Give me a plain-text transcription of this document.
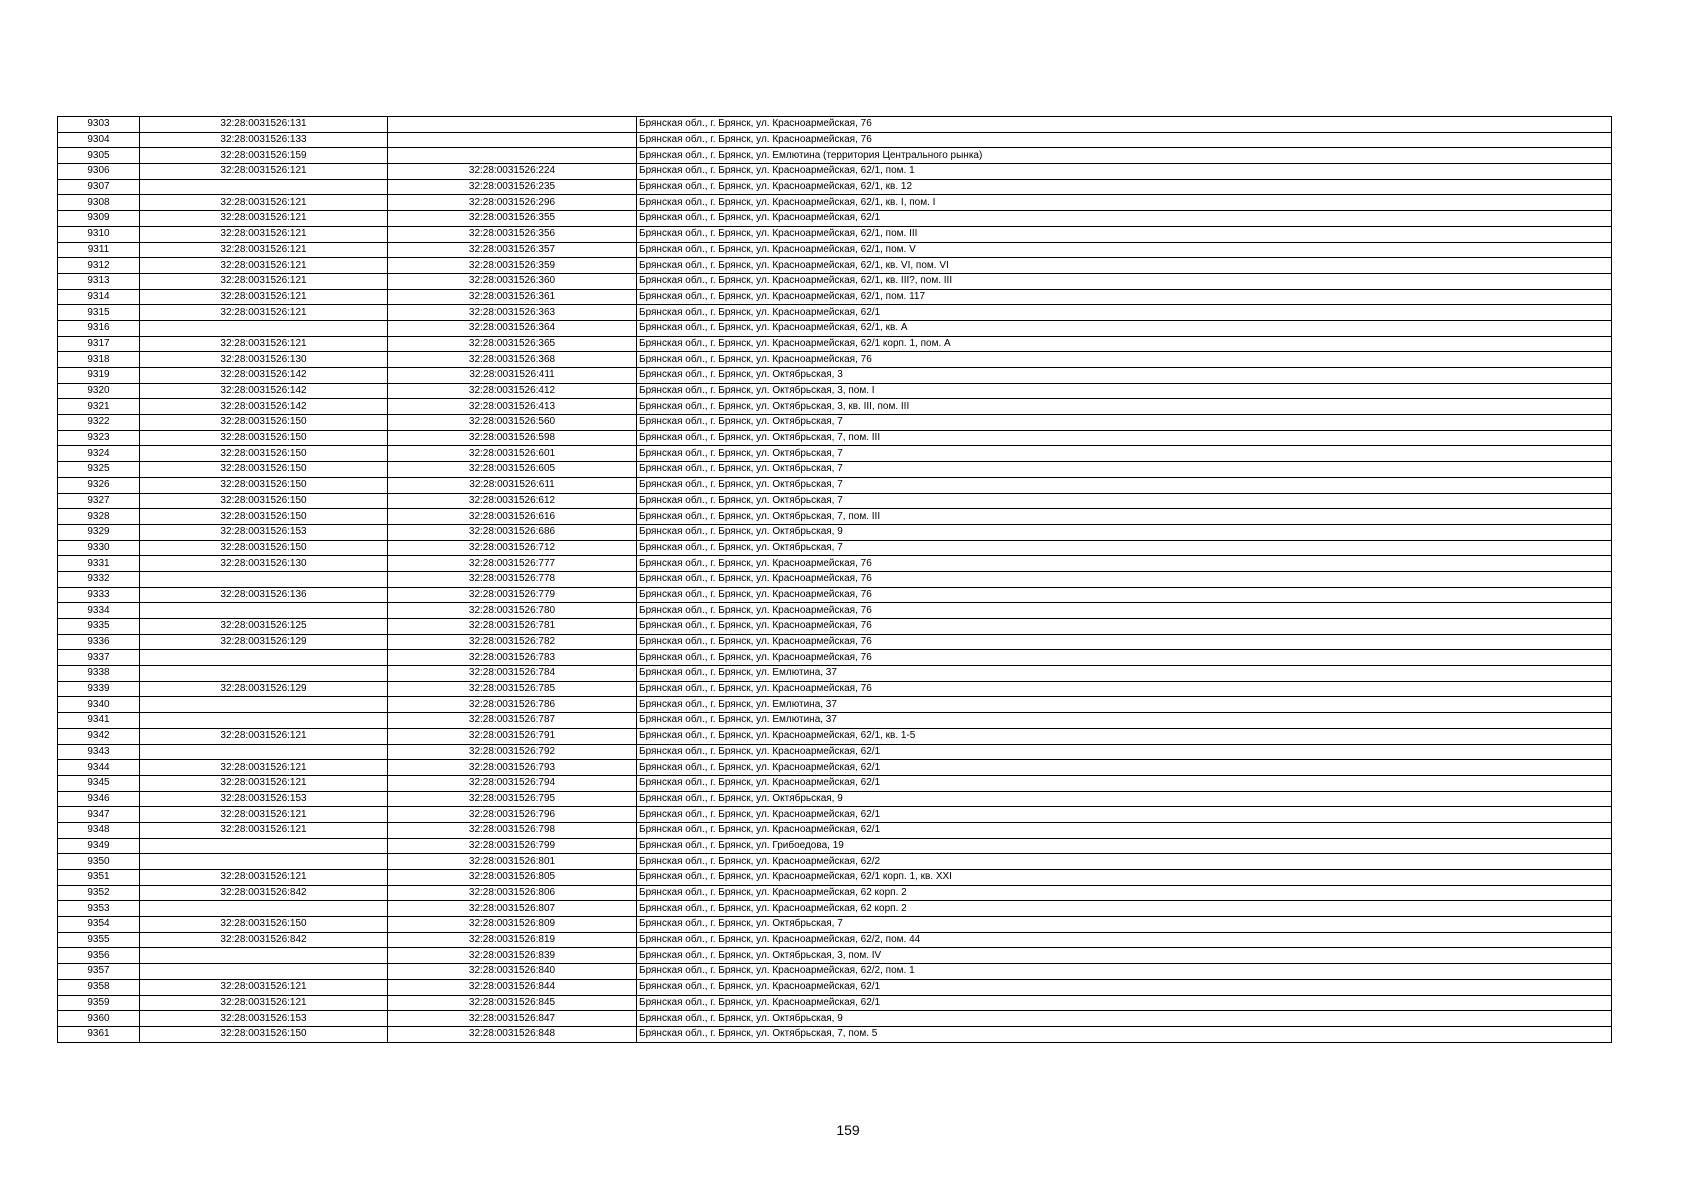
9303	32:28:0031526:131		Брянская обл., г. Брянск, ул. Красноармейская, 76
9304	32:28:0031526:133		Брянская обл., г. Брянск, ул. Красноармейская, 76
9305	32:28:0031526:159		Брянская обл., г. Брянск, ул. Емлютина (территория Центрального рынка)
9306	32:28:0031526:121	32:28:0031526:224	Брянская обл., г. Брянск, ул. Красноармейская, 62/1, пом. 1
9307		32:28:0031526:235	Брянская обл., г. Брянск, ул. Красноармейская, 62/1, кв. 12
9308	32:28:0031526:121	32:28:0031526:296	Брянская обл., г. Брянск, ул. Красноармейская, 62/1, кв. I, пом. I
9309	32:28:0031526:121	32:28:0031526:355	Брянская обл., г. Брянск, ул. Красноармейская, 62/1
9310	32:28:0031526:121	32:28:0031526:356	Брянская обл., г. Брянск, ул. Красноармейская, 62/1, пом. III
9311	32:28:0031526:121	32:28:0031526:357	Брянская обл., г. Брянск, ул. Красноармейская, 62/1, пом. V
9312	32:28:0031526:121	32:28:0031526:359	Брянская обл., г. Брянск, ул. Красноармейская, 62/1, кв. VI, пом. VI
9313	32:28:0031526:121	32:28:0031526:360	Брянская обл., г. Брянск, ул. Красноармейская, 62/1, кв. III?, пом. III
9314	32:28:0031526:121	32:28:0031526:361	Брянская обл., г. Брянск, ул. Красноармейская, 62/1, пом. 117
9315	32:28:0031526:121	32:28:0031526:363	Брянская обл., г. Брянск, ул. Красноармейская, 62/1
9316		32:28:0031526:364	Брянская обл., г. Брянск, ул. Красноармейская, 62/1, кв. А
9317	32:28:0031526:121	32:28:0031526:365	Брянская обл., г. Брянск, ул. Красноармейская, 62/1 корп. 1, пом. А
9318	32:28:0031526:130	32:28:0031526:368	Брянская обл., г. Брянск, ул. Красноармейская, 76
9319	32:28:0031526:142	32:28:0031526:411	Брянская обл., г. Брянск, ул. Октябрьская, 3
9320	32:28:0031526:142	32:28:0031526:412	Брянская обл., г. Брянск, ул. Октябрьская, 3, пом. I
9321	32:28:0031526:142	32:28:0031526:413	Брянская обл., г. Брянск, ул. Октябрьская, 3, кв. III, пом. III
9322	32:28:0031526:150	32:28:0031526:560	Брянская обл., г. Брянск, ул. Октябрьская, 7
9323	32:28:0031526:150	32:28:0031526:598	Брянская обл., г. Брянск, ул. Октябрьская, 7, пом. III
9324	32:28:0031526:150	32:28:0031526:601	Брянская обл., г. Брянск, ул. Октябрьская, 7
9325	32:28:0031526:150	32:28:0031526:605	Брянская обл., г. Брянск, ул. Октябрьская, 7
9326	32:28:0031526:150	32:28:0031526:611	Брянская обл., г. Брянск, ул. Октябрьская, 7
9327	32:28:0031526:150	32:28:0031526:612	Брянская обл., г. Брянск, ул. Октябрьская, 7
9328	32:28:0031526:150	32:28:0031526:616	Брянская обл., г. Брянск, ул. Октябрьская, 7, пом. III
9329	32:28:0031526:153	32:28:0031526:686	Брянская обл., г. Брянск, ул. Октябрьская, 9
9330	32:28:0031526:150	32:28:0031526:712	Брянская обл., г. Брянск, ул. Октябрьская, 7
9331	32:28:0031526:130	32:28:0031526:777	Брянская обл., г. Брянск, ул. Красноармейская, 76
9332		32:28:0031526:778	Брянская обл., г. Брянск, ул. Красноармейская, 76
9333	32:28:0031526:136	32:28:0031526:779	Брянская обл., г. Брянск, ул. Красноармейская, 76
9334		32:28:0031526:780	Брянская обл., г. Брянск, ул. Красноармейская, 76
9335	32:28:0031526:125	32:28:0031526:781	Брянская обл., г. Брянск, ул. Красноармейская, 76
9336	32:28:0031526:129	32:28:0031526:782	Брянская обл., г. Брянск, ул. Красноармейская, 76
9337		32:28:0031526:783	Брянская обл., г. Брянск, ул. Красноармейская, 76
9338		32:28:0031526:784	Брянская обл., г. Брянск, ул. Емлютина, 37
9339	32:28:0031526:129	32:28:0031526:785	Брянская обл., г. Брянск, ул. Красноармейская, 76
9340		32:28:0031526:786	Брянская обл., г. Брянск, ул. Емлютина, 37
9341		32:28:0031526:787	Брянская обл., г. Брянск, ул. Емлютина, 37
9342	32:28:0031526:121	32:28:0031526:791	Брянская обл., г. Брянск, ул. Красноармейская, 62/1, кв. 1-5
9343		32:28:0031526:792	Брянская обл., г. Брянск, ул. Красноармейская, 62/1
9344	32:28:0031526:121	32:28:0031526:793	Брянская обл., г. Брянск, ул. Красноармейская, 62/1
9345	32:28:0031526:121	32:28:0031526:794	Брянская обл., г. Брянск, ул. Красноармейская, 62/1
9346	32:28:0031526:153	32:28:0031526:795	Брянская обл., г. Брянск, ул. Октябрьская, 9
9347	32:28:0031526:121	32:28:0031526:796	Брянская обл., г. Брянск, ул. Красноармейская, 62/1
9348	32:28:0031526:121	32:28:0031526:798	Брянская обл., г. Брянск, ул. Красноармейская, 62/1
9349		32:28:0031526:799	Брянская обл., г. Брянск, ул. Грибоедова, 19
9350		32:28:0031526:801	Брянская обл., г. Брянск, ул. Красноармейская, 62/2
9351	32:28:0031526:121	32:28:0031526:805	Брянская обл., г. Брянск, ул. Красноармейская, 62/1 корп. 1, кв. XXI
9352	32:28:0031526:842	32:28:0031526:806	Брянская обл., г. Брянск, ул. Красноармейская, 62 корп. 2
9353		32:28:0031526:807	Брянская обл., г. Брянск, ул. Красноармейская, 62 корп. 2
9354	32:28:0031526:150	32:28:0031526:809	Брянская обл., г. Брянск, ул. Октябрьская, 7
9355	32:28:0031526:842	32:28:0031526:819	Брянская обл., г. Брянск, ул. Красноармейская, 62/2, пом. 44
9356		32:28:0031526:839	Брянская обл., г. Брянск, ул. Октябрьская, 3, пом. IV
9357		32:28:0031526:840	Брянская обл., г. Брянск, ул. Красноармейская, 62/2, пом. 1
9358	32:28:0031526:121	32:28:0031526:844	Брянская обл., г. Брянск, ул. Красноармейская, 62/1
9359	32:28:0031526:121	32:28:0031526:845	Брянская обл., г. Брянск, ул. Красноармейская, 62/1
9360	32:28:0031526:153	32:28:0031526:847	Брянская обл., г. Брянск, ул. Октябрьская, 9
9361	32:28:0031526:150	32:28:0031526:848	Брянская обл., г. Брянск, ул. Октябрьская, 7, пом. 5
159
